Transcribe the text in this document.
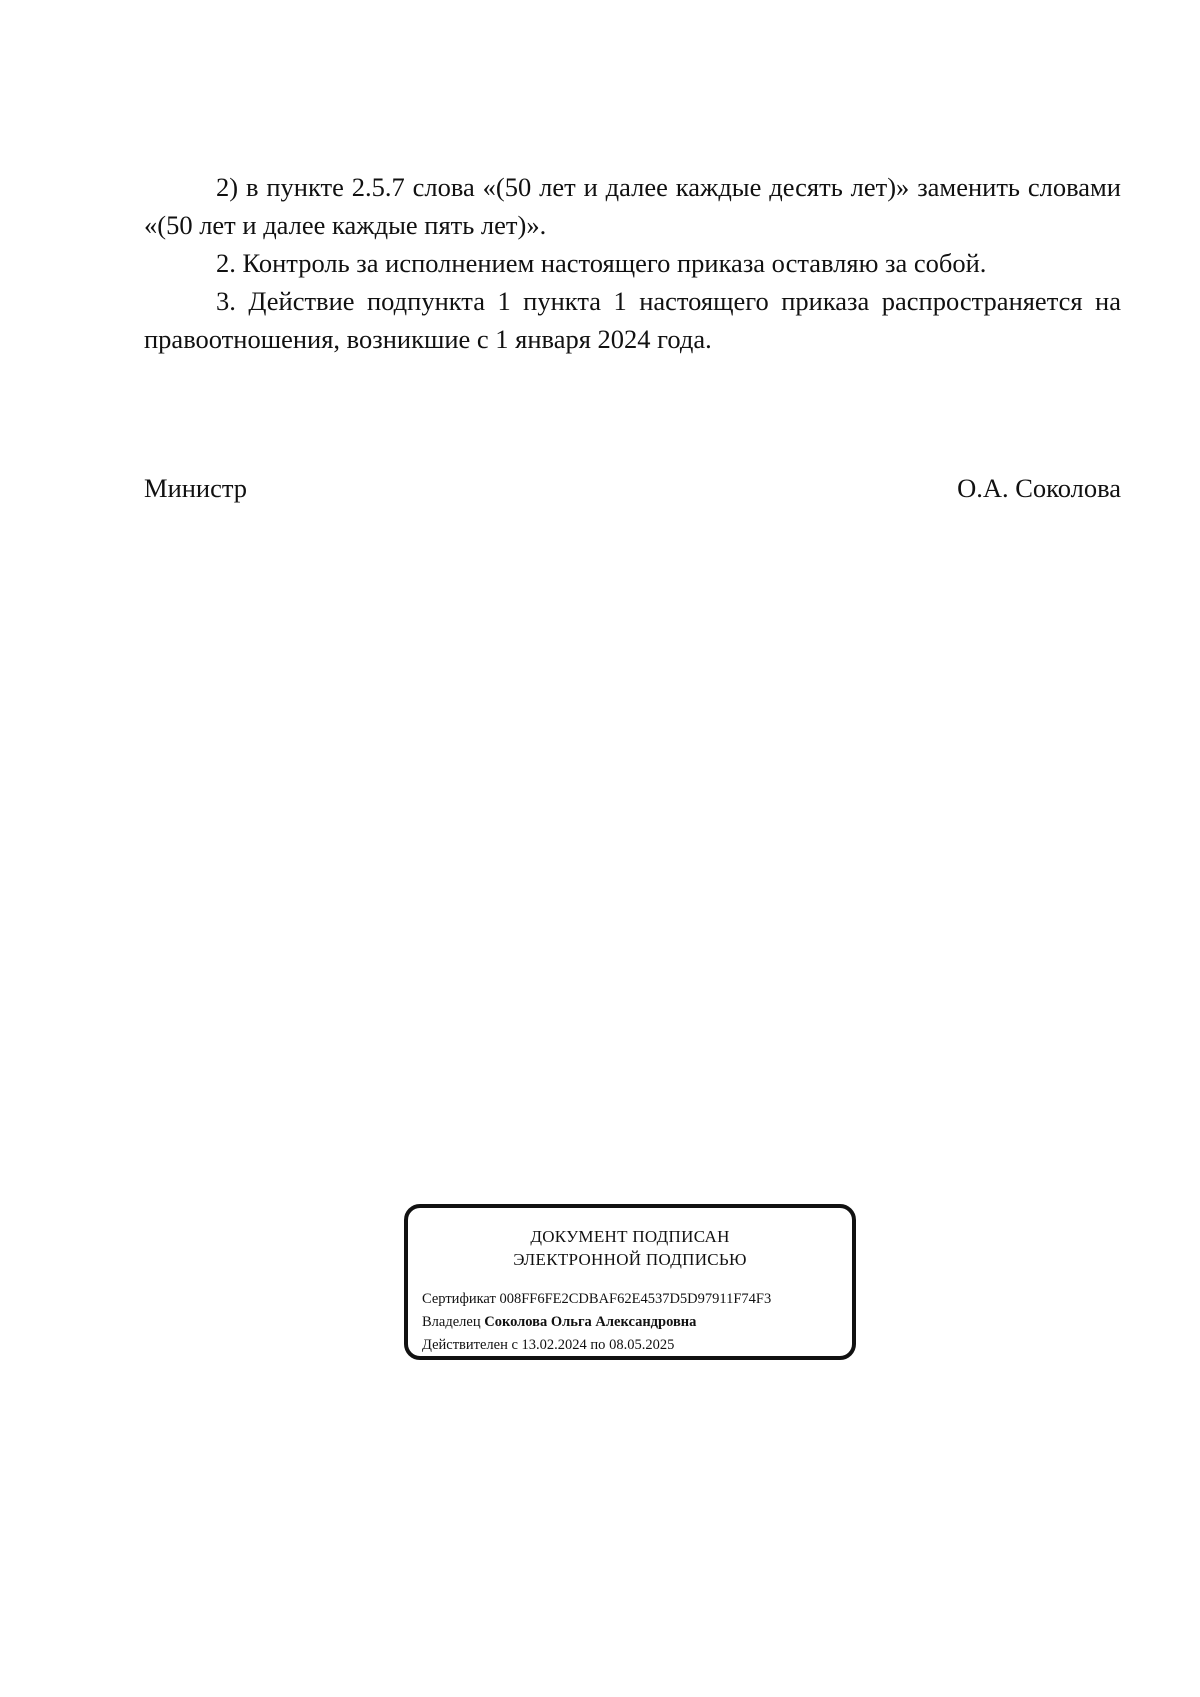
2) в пункте 2.5.7 слова «(50 лет и далее каждые десять лет)» заменить словами «(50 лет и далее каждые пять лет)».

2. Контроль за исполнением настоящего приказа оставляю за собой.

3. Действие подпункта 1 пункта 1 настоящего приказа распространяется на правоотношения, возникшие с 1 января 2024 года.

Министр	О.А. Соколова
ДОКУМЕНТ ПОДПИСАН
ЭЛЕКТРОННОЙ ПОДПИСЬЮ
Сертификат 008FF6FE2CDBAF62E4537D5D97911F74F3
Владелец Соколова Ольга Александровна
Действителен с 13.02.2024 по 08.05.2025
